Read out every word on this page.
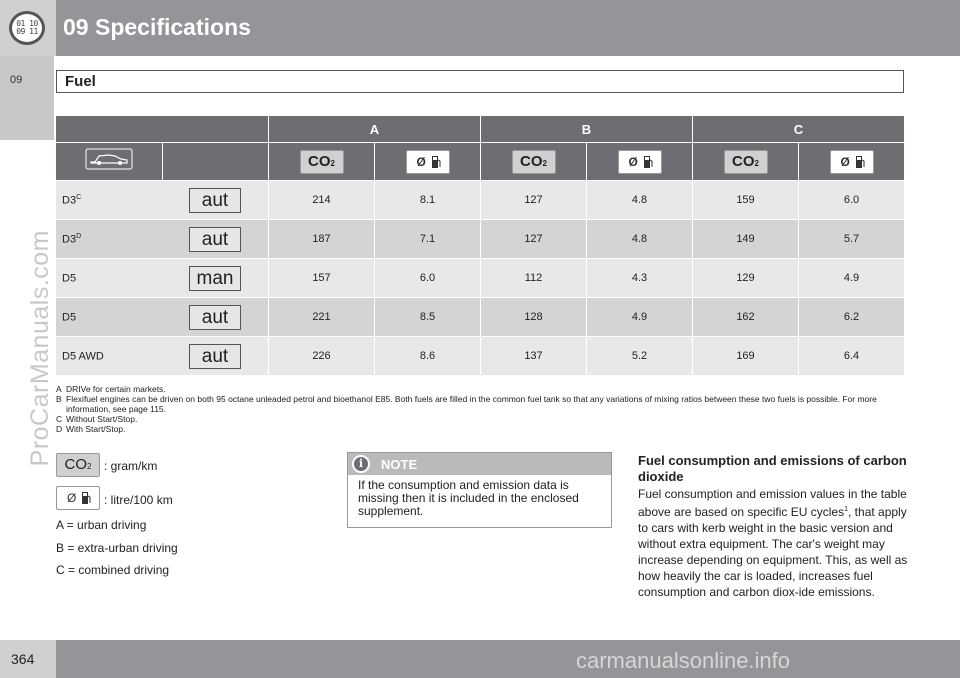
01 10
09 11 09 Specifications
09	Fuel
ProCarManuals.com
		A		B		C	
		CO2	Ø	CO2	Ø	CO2	Ø

$D3^C$	aut	214	8.1	127	4.8	159	6.0
$D3^D$	aut	187	7.1	127	4.8	149	5.7
D5	man	157	6.0	112	4.3	129	4.9
D5	aut	221	8.5	128	4.9	162	6.2
D5 AWD	aut	226	8.6	137	5.2	169	6.4
A DRIVe for certain markets.
B Flexifuel engines can be driven on both 95 octane unleaded petrol and bioethanol E85. Both fuels are filled in the common fuel tank so that any variations of mixing ratios between these two fuels is possible. For more information, see page 115.
C Without Start/Stop.
D With Start/Stop.
CO2	: gram/km
Ø : litre/100 km
A = urban driving
B = extra-urban driving
C = combined driving
i	NOTE
If the consumption and emission data is missing then it is included in the enclosed supplement.
Fuel consumption and emissions of carbon dioxide
Fuel consumption and emission values in the table above are based on specific EU cycles$^1$, that apply to cars with kerb weight in the basic version and without extra equipment. The car's weight may increase depending on equipment. This, as well as how heavily the car is loaded, increases fuel consumption and carbon diox-ide emissions.
364	carmanualsonline.info
